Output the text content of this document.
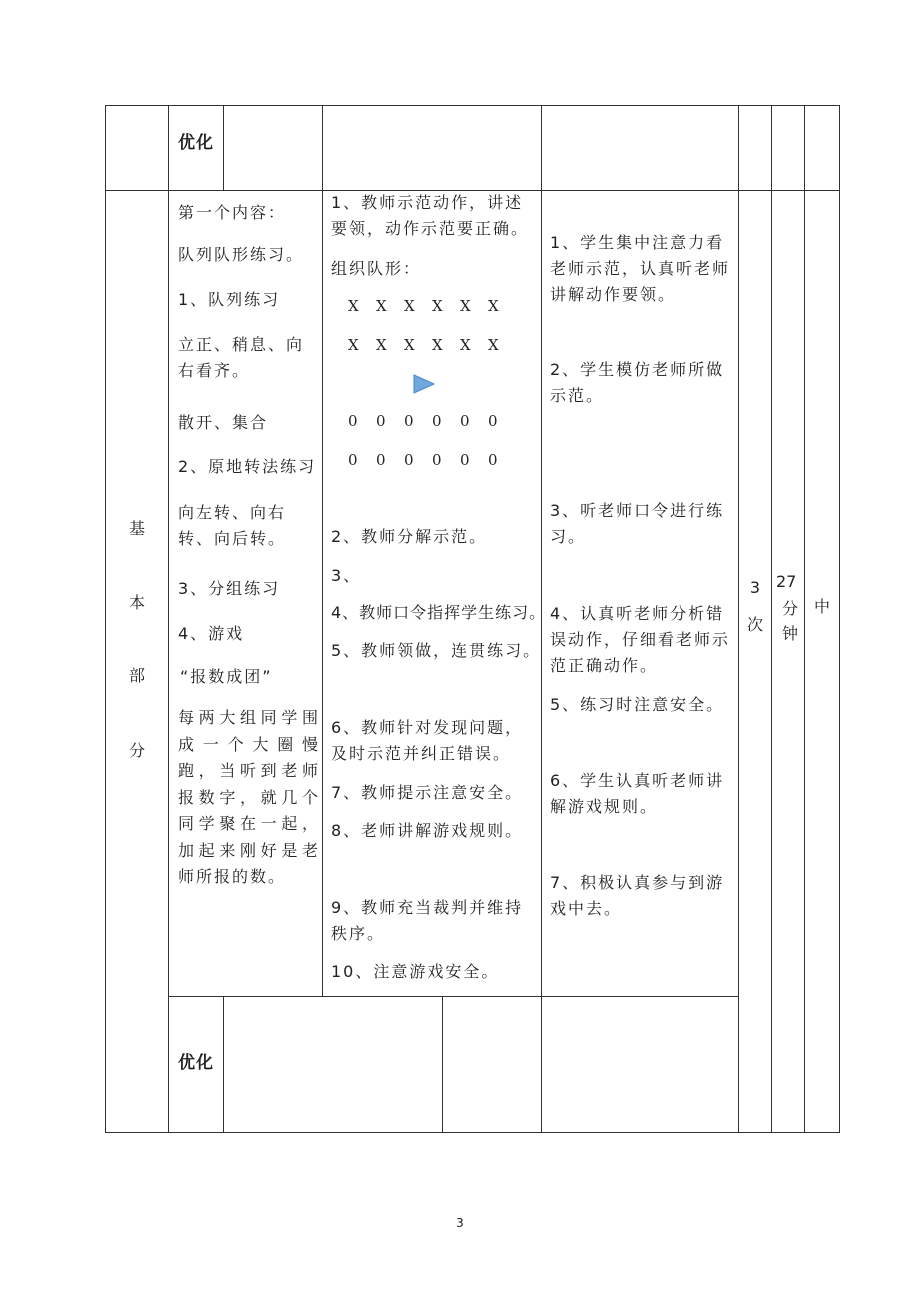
优化
基
本
部
分
第一个内容：
队列队形练习。
1、队列练习
立正、稍息、向右看齐。
散开、集合
2、原地转法练习
向左转、向右转、向后转。
3、分组练习
4、游戏
“报数成团”
每两大组同学围成一个大圈慢跑，当听到老师报数字，就几个同学聚在一起，加起来刚好是老师所报的数。
1、教师示范动作，讲述要领，动作示范要正确。
组织队形：
X X X X X X
X X X X X X
0 0 0 0 0 0
0 0 0 0 0 0
2、教师分解示范。
3、
4、教师口令指挥学生练习。
5、教师领做，连贯练习。
6、教师针对发现问题，及时示范并纠正错误。
7、教师提示注意安全。
8、老师讲解游戏规则。
9、教师充当裁判并维持秩序。
10、注意游戏安全。
1、学生集中注意力看老师示范，认真听老师讲解动作要领。
2、学生模仿老师所做示范。
3、听老师口令进行练习。
4、认真听老师分析错误动作，仔细看老师示范正确动作。
5、练习时注意安全。
6、学生认真听老师讲解游戏规则。
7、积极认真参与到游戏中去。
3
次
27
分
钟
中
优化
3
